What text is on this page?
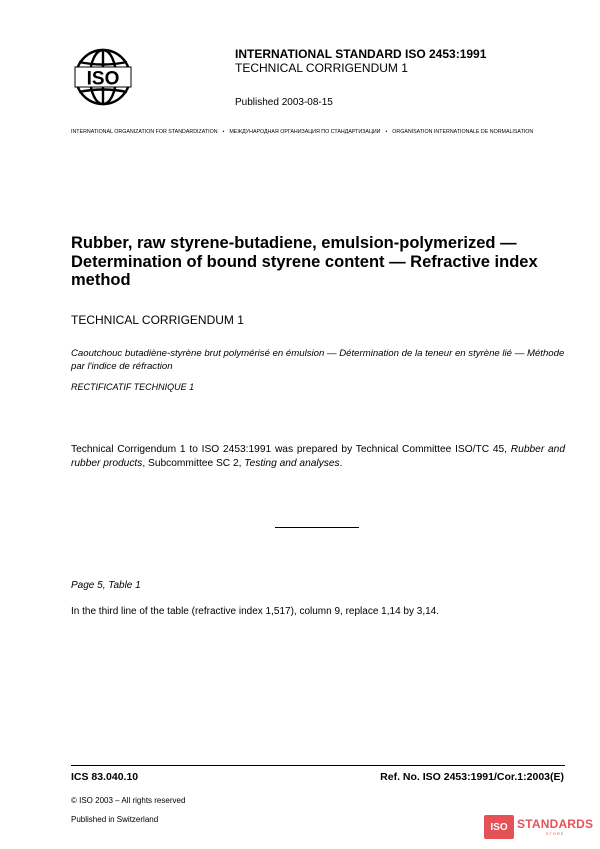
ISO
INTERNATIONAL STANDARD ISO 2453:1991
TECHNICAL CORRIGENDUM 1
Published 2003-08-15
INTERNATIONAL ORGANIZATION FOR STANDARDIZATION • МЕЖДУНАРОДНАЯ ОРГАНИЗАЦИЯ ПО СТАНДАРТИЗАЦИИ • ORGANISATION INTERNATIONALE DE NORMALISATION
Rubber, raw styrene-butadiene, emulsion-polymerized — Determination of bound styrene content — Refractive index method
TECHNICAL CORRIGENDUM 1
Caoutchouc butadiène-styrène brut polymérisé en émulsion — Détermination de la teneur en styrène lié — Méthode par l'indice de réfraction
RECTIFICATIF TECHNIQUE 1
Technical Corrigendum 1 to ISO 2453:1991 was prepared by Technical Committee ISO/TC 45, Rubber and rubber products, Subcommittee SC 2, Testing and analyses.
Page 5, Table 1
In the third line of the table (refractive index 1,517), column 9, replace 1,14 by 3,14.
ICS 83.040.10	Ref. No. ISO 2453:1991/Cor.1:2003(E)
© ISO 2003 – All rights reserved
Published in Switzerland
ISO STANDARDS
STORE
